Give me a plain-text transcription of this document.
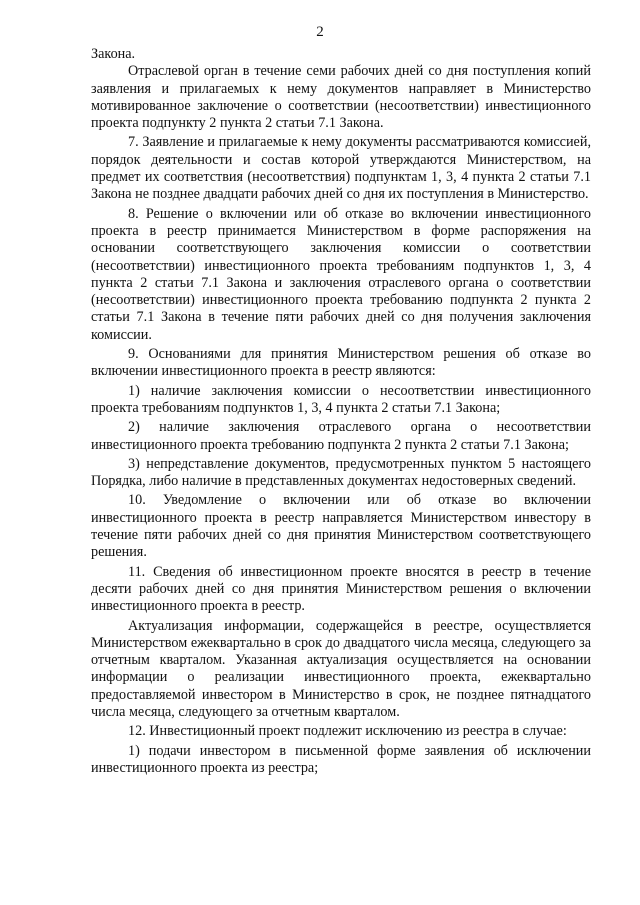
2

Закона.

Отраслевой орган в течение семи рабочих дней со дня поступления копий заявления и прилагаемых к нему документов направляет в Министерство мотивированное заключение о соответствии (несоответствии) инвестиционного проекта подпункту 2 пункта 2 статьи 7.1 Закона.

7. Заявление и прилагаемые к нему документы рассматриваются комиссией, порядок деятельности и состав которой утверждаются Министерством, на предмет их соответствия (несоответствия) подпунктам 1, 3, 4 пункта 2 статьи 7.1 Закона не позднее двадцати рабочих дней со дня их поступления в Министерство.

8. Решение о включении или об отказе во включении инвестиционного проекта в реестр принимается Министерством в форме распоряжения на основании соответствующего заключения комиссии о соответствии (несоответствии) инвестиционного проекта требованиям подпунктов 1, 3, 4 пункта 2 статьи 7.1 Закона и заключения отраслевого органа о соответствии (несоответствии) инвестиционного проекта требованию подпункта 2 пункта 2 статьи 7.1 Закона в течение пяти рабочих дней со дня получения заключения комиссии.

9. Основаниями для принятия Министерством решения об отказе во включении инвестиционного проекта в реестр являются:

1) наличие заключения комиссии о несоответствии инвестиционного проекта требованиям подпунктов 1, 3, 4 пункта 2 статьи 7.1 Закона;

2) наличие заключения отраслевого органа о несоответствии инвестиционного проекта требованию подпункта 2 пункта 2 статьи 7.1 Закона;

3) непредставление документов, предусмотренных пунктом 5 настоящего Порядка, либо наличие в представленных документах недостоверных сведений.

10. Уведомление о включении или об отказе во включении инвестиционного проекта в реестр направляется Министерством инвестору в течение пяти рабочих дней со дня принятия Министерством соответствующего решения.

11. Сведения об инвестиционном проекте вносятся в реестр в течение десяти рабочих дней со дня принятия Министерством решения о включении инвестиционного проекта в реестр.

Актуализация информации, содержащейся в реестре, осуществляется Министерством ежеквартально в срок до двадцатого числа месяца, следующего за отчетным кварталом. Указанная актуализация осуществляется на основании информации о реализации инвестиционного проекта, ежеквартально предоставляемой инвестором в Министерство в срок, не позднее пятнадцатого числа месяца, следующего за отчетным кварталом.

12. Инвестиционный проект подлежит исключению из реестра в случае:

1) подачи инвестором в письменной форме заявления об исключении инвестиционного проекта из реестра;
